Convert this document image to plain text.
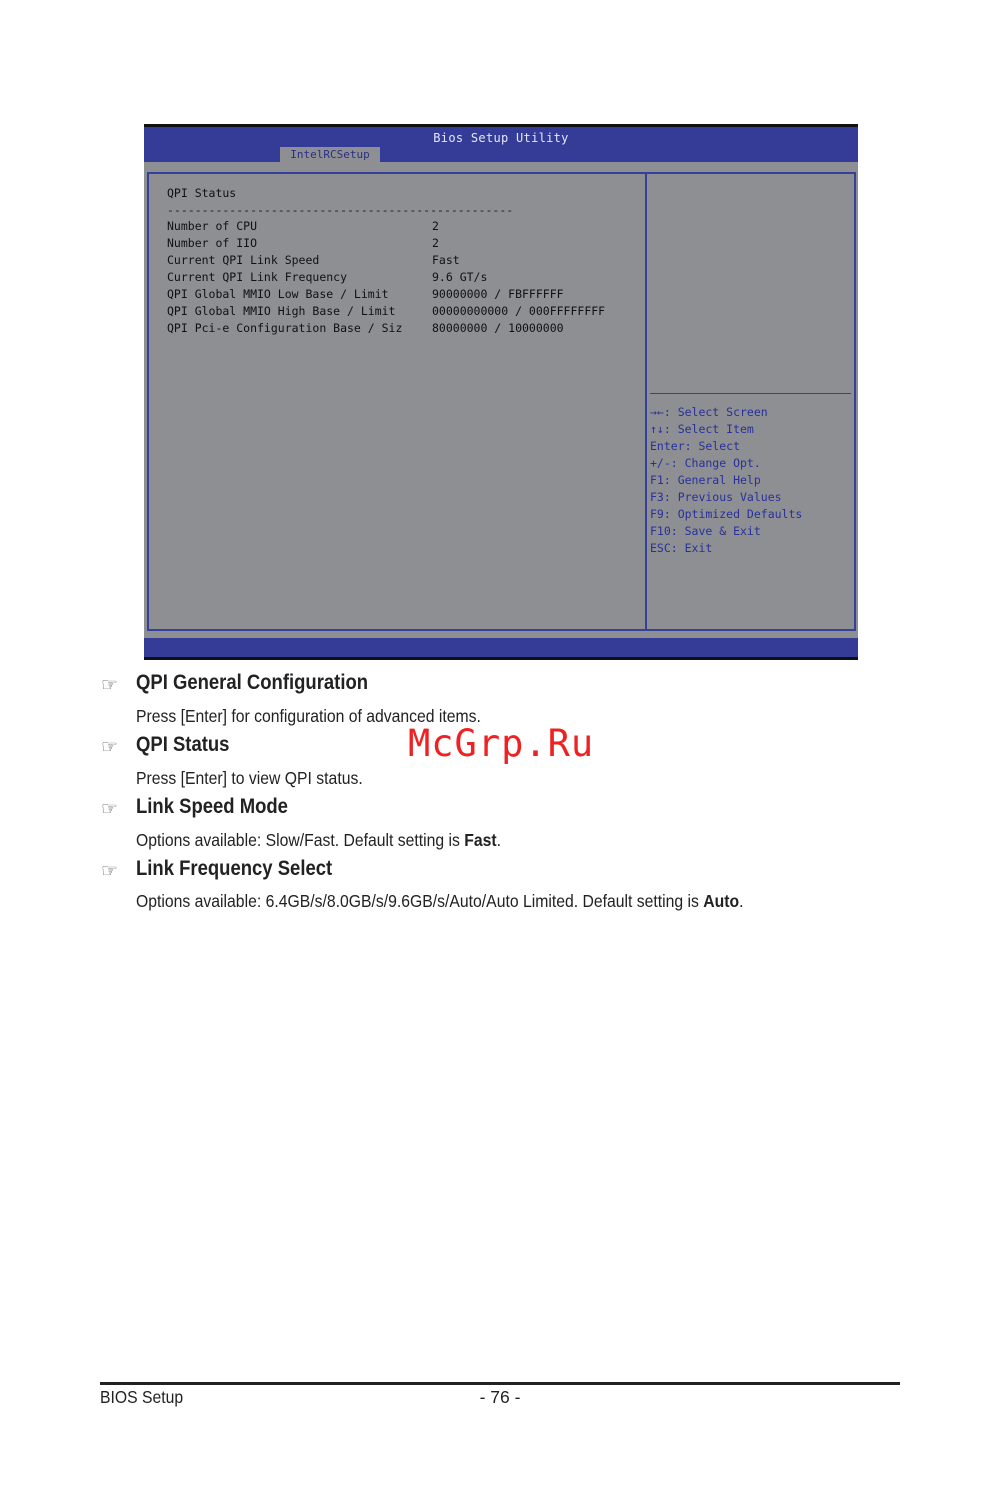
Bios Setup Utility
IntelRCSetup
QPI Status
--------------------------------------------------
Number of CPU	2
Number of IIO	2
Current QPI Link Speed	Fast
Current QPI Link Frequency	9.6 GT/s
QPI Global MMIO Low Base / Limit	90000000 / FBFFFFFF
QPI Global MMIO High Base / Limit	00000000000 / 000FFFFFFFF
QPI Pci-e Configuration Base / Siz	80000000 / 10000000
→←: Select Screen
↑↓: Select Item
Enter: Select
+/-: Change Opt.
F1: General Help
F3: Previous Values
F9: Optimized Defaults
F10: Save & Exit
ESC: Exit
☞ QPI General Configuration
Press [Enter] for configuration of advanced items.
☞ QPI Status
Press [Enter] to view QPI status.
☞ Link Speed Mode
Options available: Slow/Fast. Default setting is Fast.
☞ Link Frequency Select
Options available: 6.4GB/s/8.0GB/s/9.6GB/s/Auto/Auto Limited. Default setting is Auto.
McGrp.Ru
BIOS Setup	- 76 -
